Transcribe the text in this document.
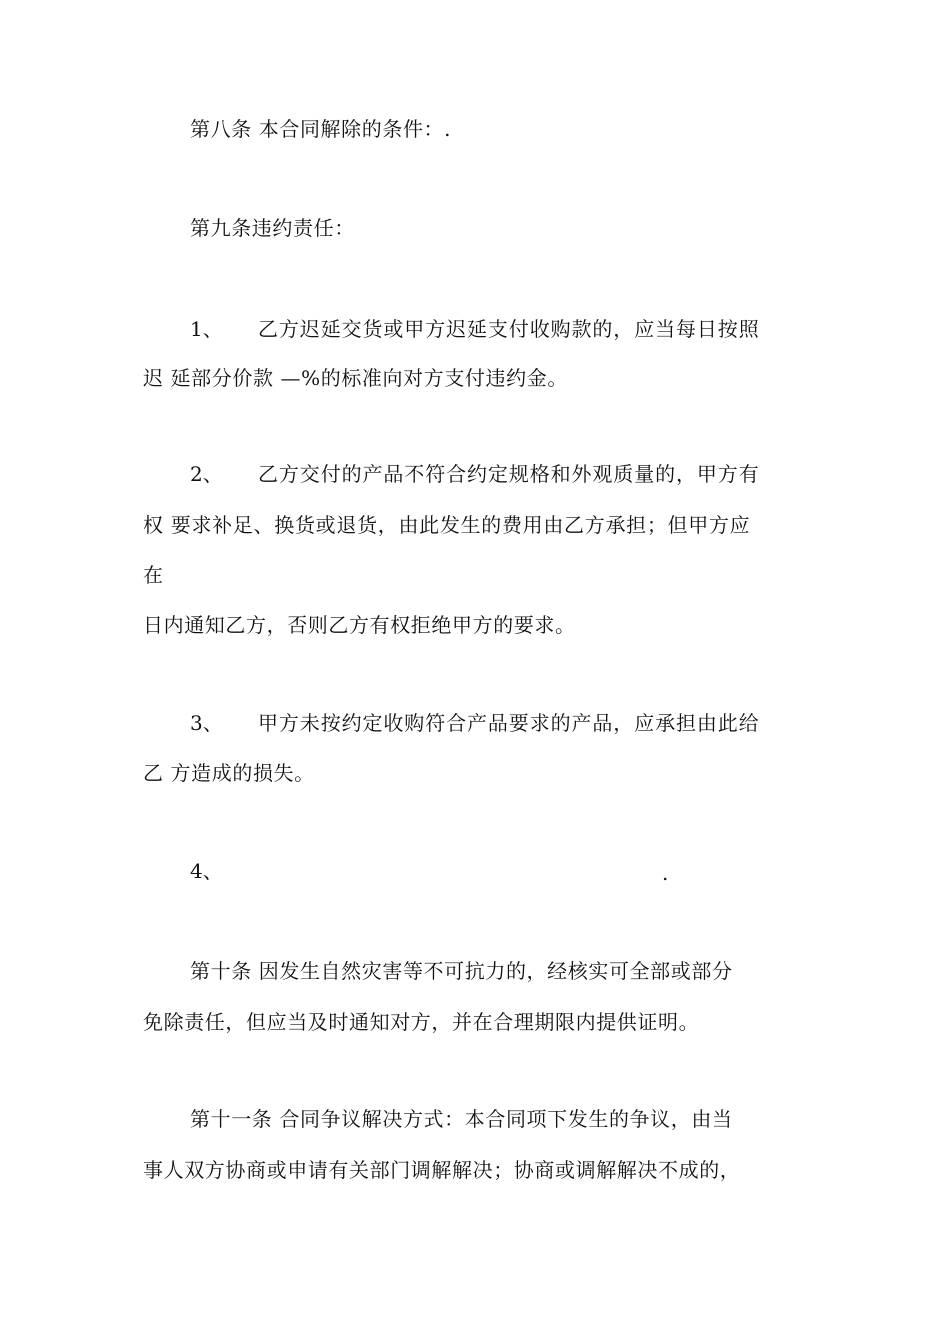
第八条 本合同解除的条件：.
第九条违约责任：
1、 乙方迟延交货或甲方迟延支付收购款的，应当每日按照
迟 延部分价款 —%的标准向对方支付违约金。
2、 乙方交付的产品不符合约定规格和外观质量的，甲方有
权 要求补足、换货或退货，由此发生的费用由乙方承担；但甲方应
在
日内通知乙方，否则乙方有权拒绝甲方的要求。
3、 甲方未按约定收购符合产品要求的产品，应承担由此给
乙 方造成的损失。
4、	.
第十条 因发生自然灾害等不可抗力的，经核实可全部或部分
免除责任，但应当及时通知对方，并在合理期限内提供证明。
第十一条 合同争议解决方式：本合同项下发生的争议，由当
事人双方协商或申请有关部门调解解决；协商或调解解决不成的，
